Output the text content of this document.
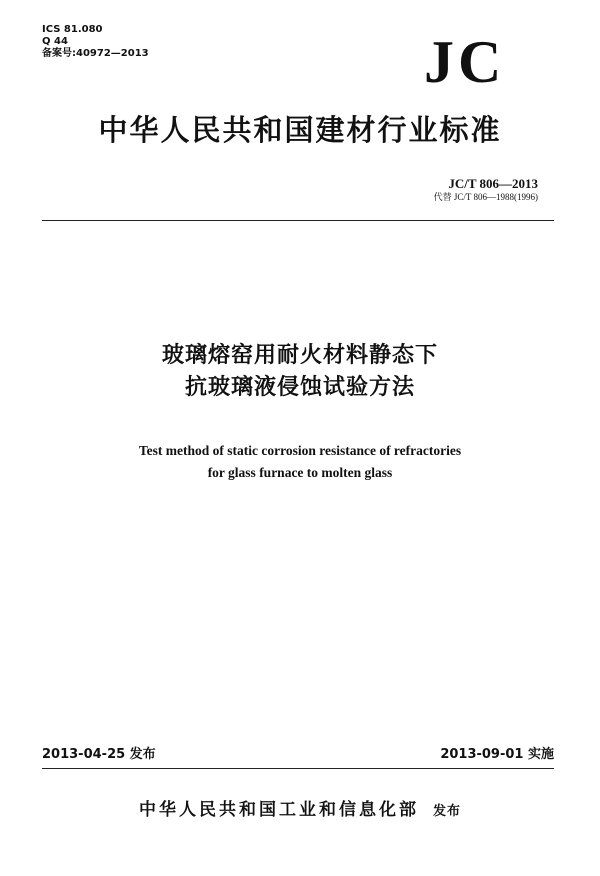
ICS 81.080
Q 44
备案号:40972—2013	JC
中华人民共和国建材行业标准
JC/T 806—2013
代替 JC/T 806—1988(1996)
玻璃熔窑用耐火材料静态下
抗玻璃液侵蚀试验方法
Test method of static corrosion resistance of refractories
for glass furnace to molten glass
2013-04-25 发布	2013-09-01 实施
中华人民共和国工业和信息化部 发布
